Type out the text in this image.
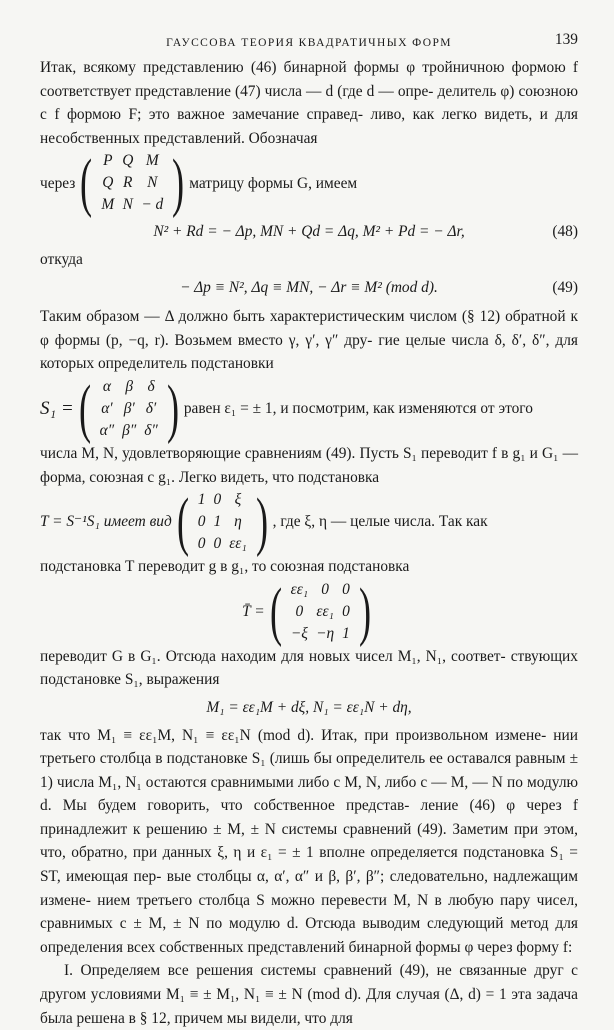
ГАУССОВА ТЕОРИЯ КВАДРАТИЧНЫХ ФОРМ	139

Итак, всякому представлению (46) бинарной формы φ тройничною формою f соответствует представление (47) числа — d (где d — опре- делитель φ) союзною с f формою F; это важное замечание справед- ливо, как легко видеть, и для несобственных представлений. Обозначая

через ( P	Q	M
Q	R	N
M	N	− d ) матрицу формы G, имеем
N² + Rd = − Δp, MN + Qd = Δq, M² + Pd = − Δr,	(48)

откуда

− Δp ≡ N², Δq ≡ MN, − Δr ≡ M² (mod d).	(49)

Таким образом — Δ должно быть характеристическим числом (§ 12) обратной к φ формы (p, −q, r). Возьмем вместо γ, γ′, γ″ дру- гие целые числа δ, δ′, δ″, для которых определитель подстановки

S₁ = ( α	β	δ
α′	β′	δ′
α″	β″	δ″ ) равен ε₁ = ± 1, и посмотрим, как изменяются от этого

числа M, N, удовлетворяющие сравнениям (49). Пусть S₁ переводит f в g₁ и G₁ — форма, союзная с g₁. Легко видеть, что подстановка

T = S⁻¹S₁ имеет вид ( 1	0	ξ
0	1	η
0	0	εε₁ ) , где ξ, η — целые числа. Так как

подстановка T переводит g в g₁, то союзная подстановка

T̄ = ( εε₁	0	0
0	εε₁	0
−ξ	−η	1 )

переводит G в G₁. Отсюда находим для новых чисел M₁, N₁, соответ- ствующих подстановке S₁, выражения

M₁ = εε₁M + dξ, N₁ = εε₁N + dη,

так что M₁ ≡ εε₁M, N₁ ≡ εε₁N (mod d). Итак, при произвольном измене- нии третьего столбца в подстановке S₁ (лишь бы определитель ее оставался равным ± 1) числа M₁, N₁ остаются сравнимыми либо с M, N, либо с — M, — N по модулю d. Мы будем говорить, что собственное представ- ление (46) φ через f принадлежит к решению ± M, ± N системы сравнений (49). Заметим при этом, что, обратно, при данных ξ, η и ε₁ = ± 1 вполне определяется подстановка S₁ = ST, имеющая пер- вые столбцы α, α′, α″ и β, β′, β″; следовательно, надлежащим измене- нием третьего столбца S можно перевести M, N в любую пару чисел, сравнимых с ± M, ± N по модулю d. Отсюда выводим следующий метод для определения всех собственных представлений бинарной формы φ через форму f:

I. Определяем все решения системы сравнений (49), не связанные друг с другом условиями M₁ ≡ ± M₁, N₁ ≡ ± N (mod d). Для случая (Δ, d) = 1 эта задача была решена в § 12, причем мы видели, что для
